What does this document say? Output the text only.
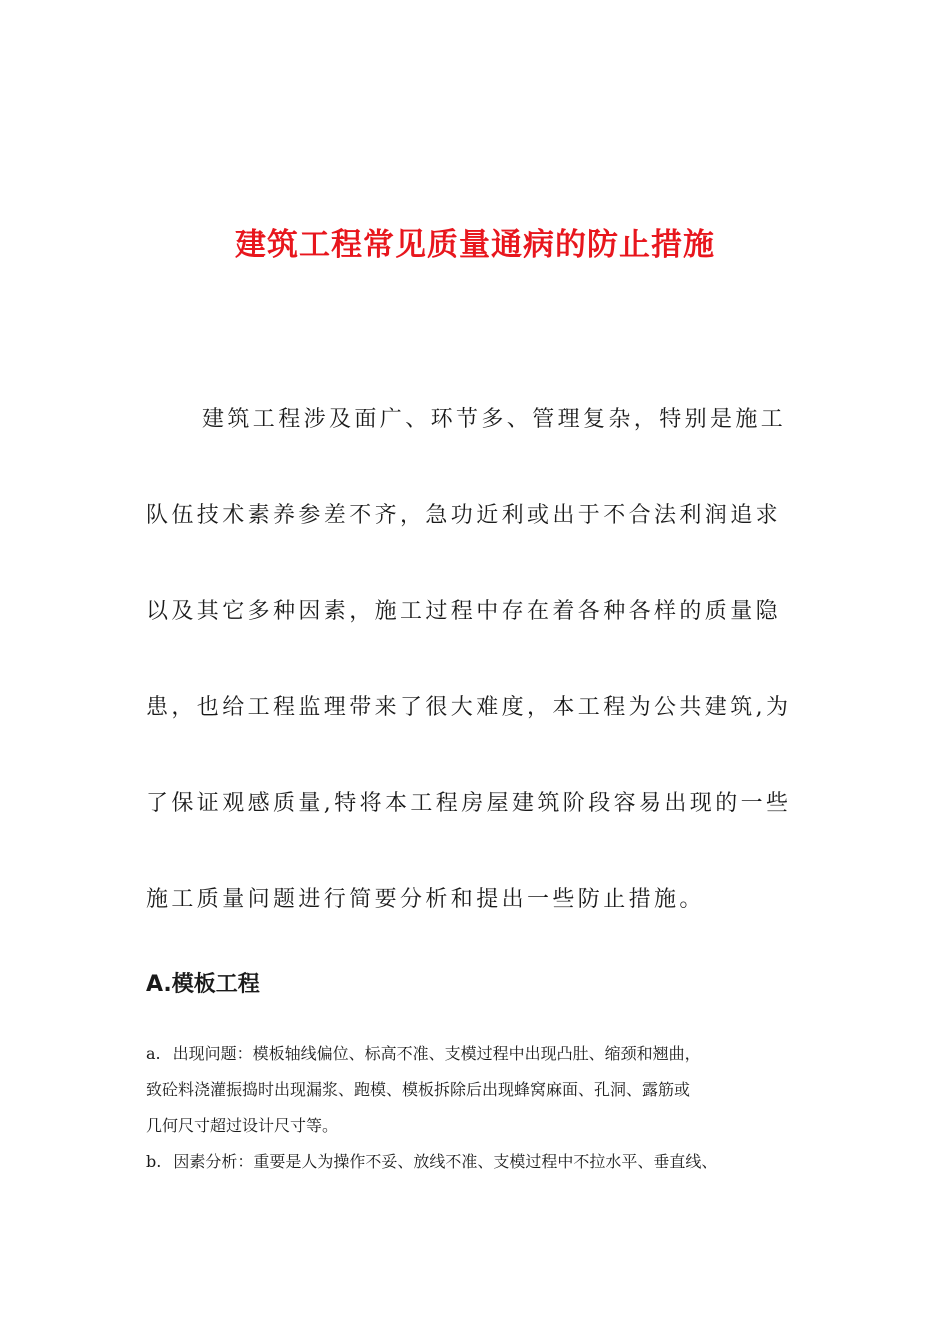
建筑工程常见质量通病的防止措施
建筑工程涉及面广、环节多、管理复杂，特别是施工
队伍技术素养参差不齐，急功近利或出于不合法利润追求
以及其它多种因素，施工过程中存在着各种各样的质量隐
患，也给工程监理带来了很大难度，本工程为公共建筑,为
了保证观感质量,特将本工程房屋建筑阶段容易出现的一些
施工质量问题进行简要分析和提出一些防止措施。
A.模板工程
a. 出现问题：模板轴线偏位、标高不准、支模过程中出现凸肚、缩颈和翘曲，
致砼料浇灌振捣时出现漏浆、跑模、模板拆除后出现蜂窝麻面、孔洞、露筋或
几何尺寸超过设计尺寸等。
b. 因素分析：重要是人为操作不妥、放线不准、支模过程中不拉水平、垂直线、
